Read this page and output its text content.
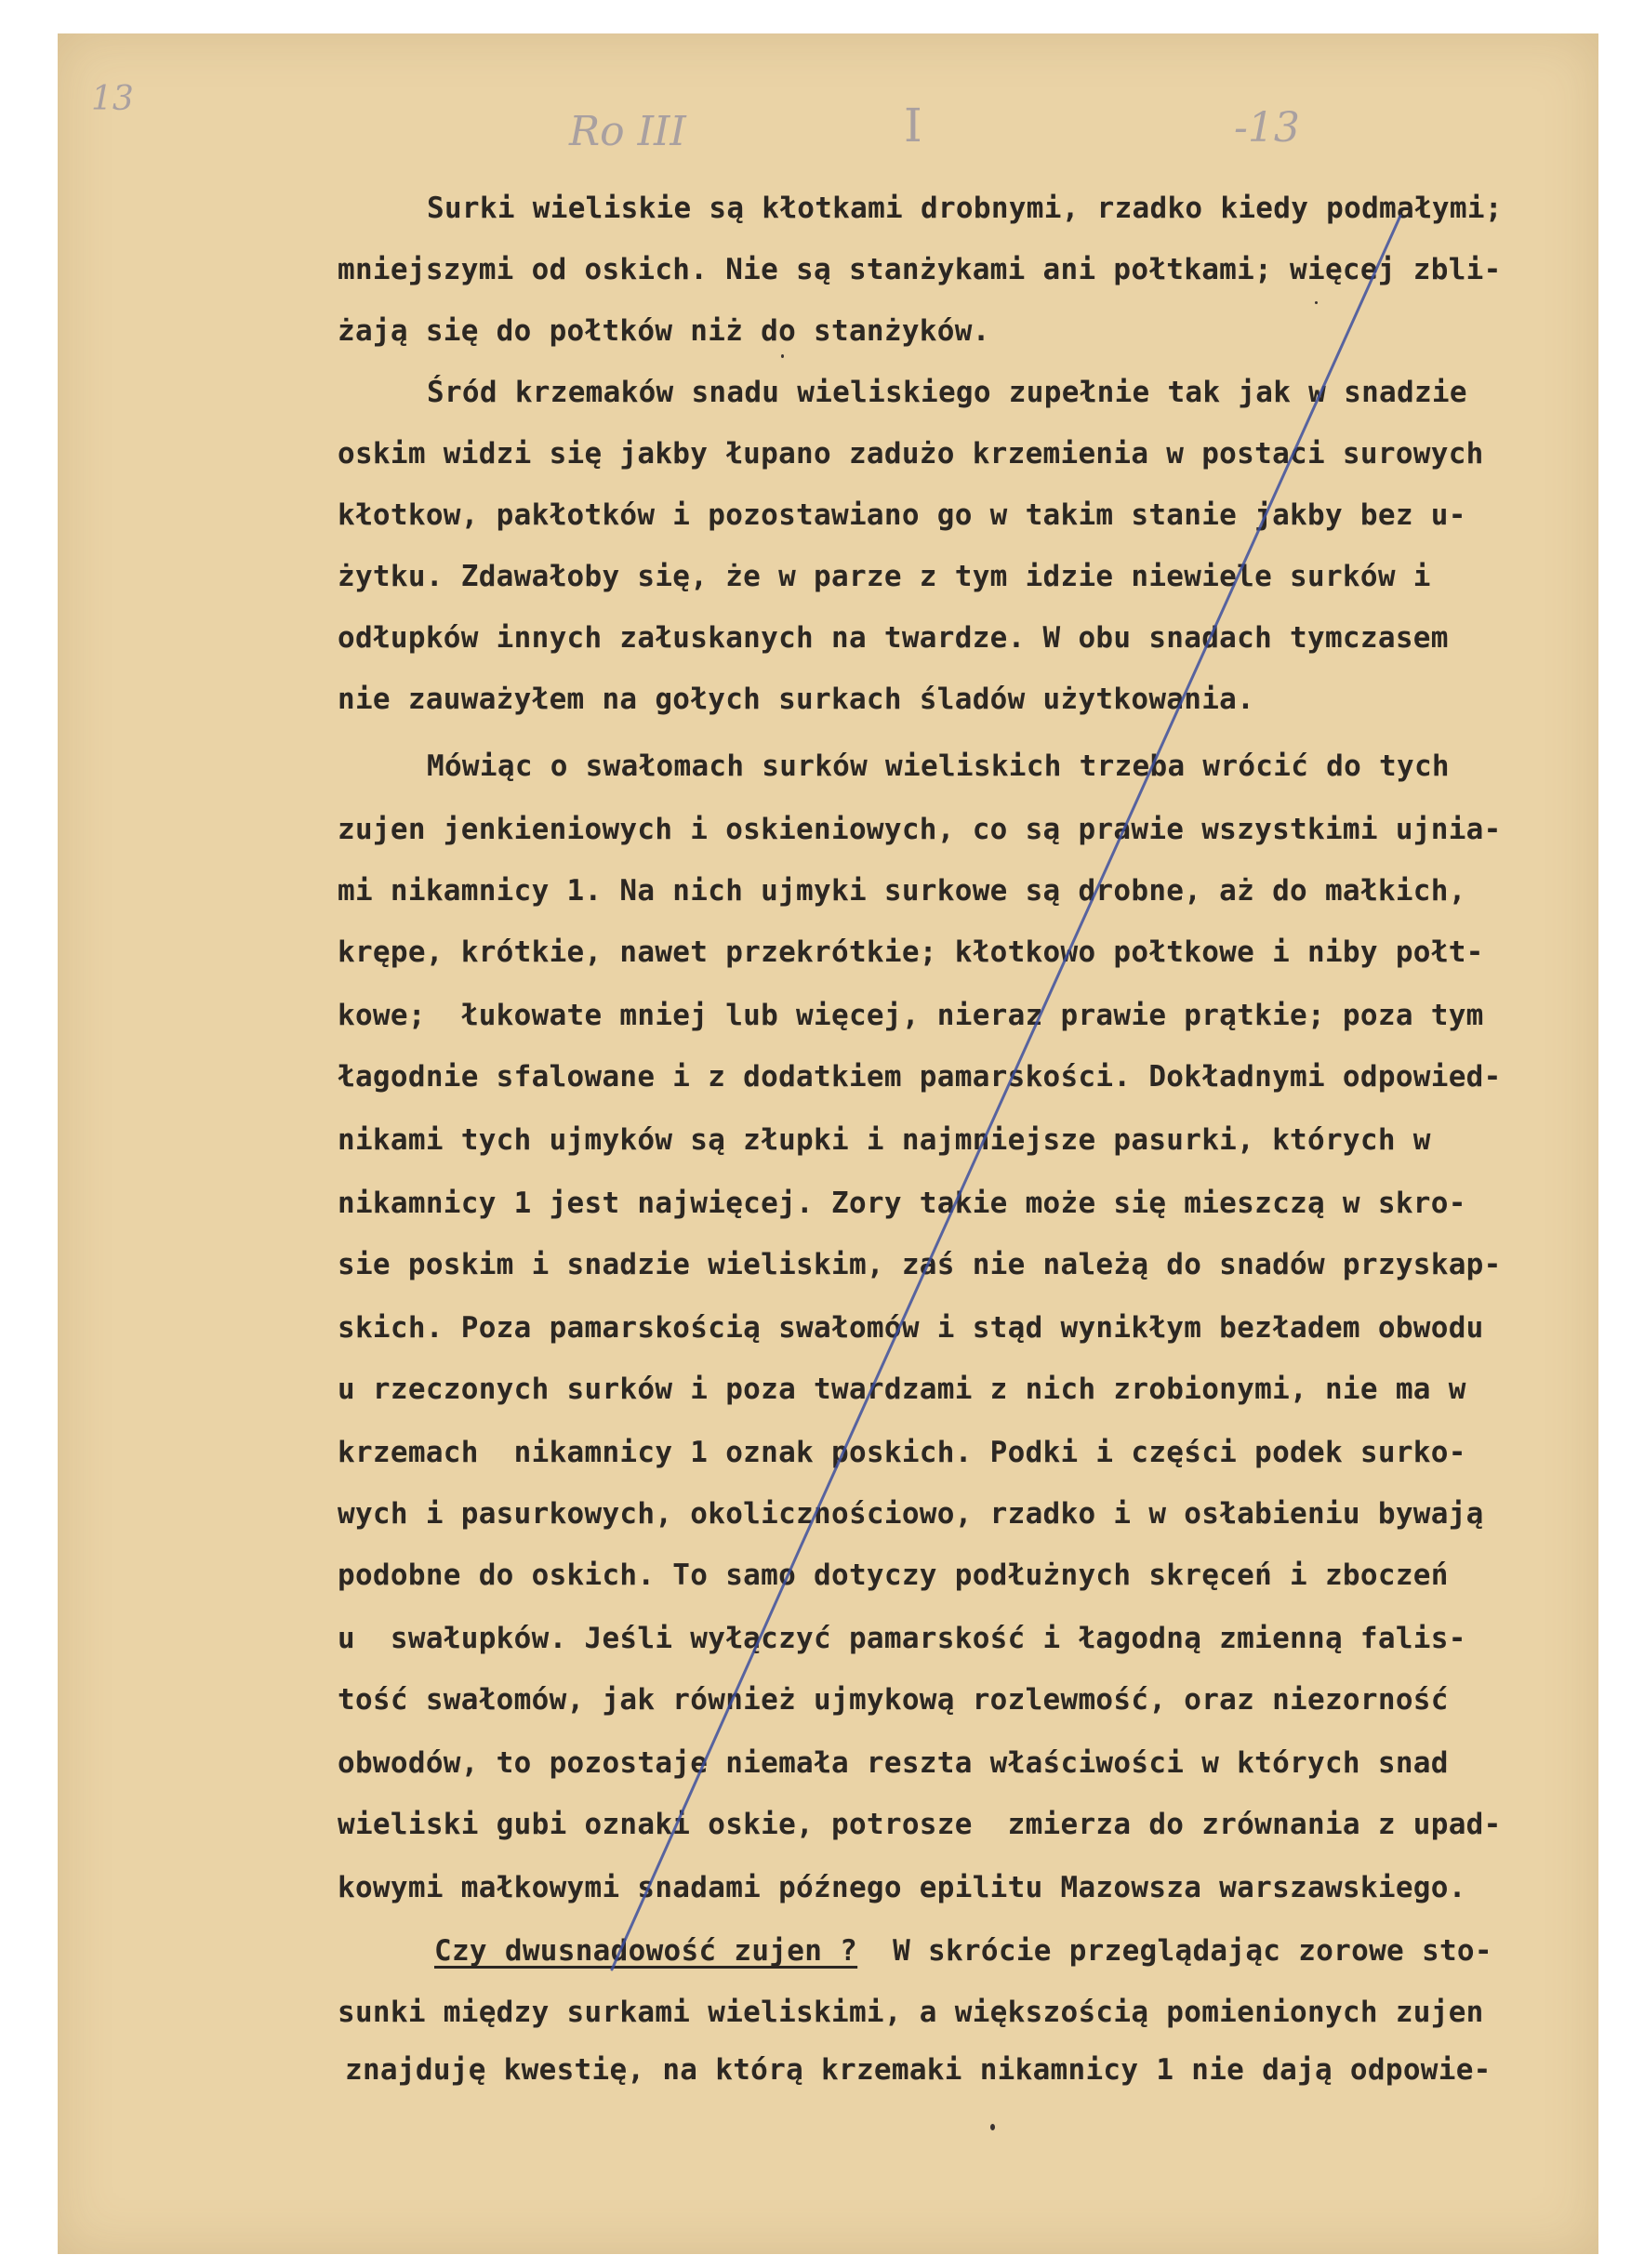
13
Ro III	I	-13
Surki wieliskie są kłotkami drobnymi, rzadko kiedy podmałymi;
mniejszymi od oskich. Nie są stanżykami ani połtkami; więcej zbli-
żają się do połtków niż do stanżyków.
Śród krzemaków snadu wieliskiego zupełnie tak jak w snadzie
oskim widzi się jakby łupano zadużo krzemienia w postaci surowych
kłotkow, pakłotków i pozostawiano go w takim stanie jakby bez u-
żytku. Zdawałoby się, że w parze z tym idzie niewiele surków i
odłupków innych załuskanych na twardze. W obu snadach tymczasem
nie zauważyłem na gołych surkach śladów użytkowania.
Mówiąc o swałomach surków wieliskich trzeba wrócić do tych
zujen jenkieniowych i oskieniowych, co są prawie wszystkimi ujnia-
mi nikamnicy 1. Na nich ujmyki surkowe są drobne, aż do małkich,
krępe, krótkie, nawet przekrótkie; kłotkowo połtkowe i niby połt-
kowe;  łukowate mniej lub więcej, nieraz prawie prątkie; poza tym
łagodnie sfalowane i z dodatkiem pamarskości. Dokładnymi odpowied-
nikami tych ujmyków są złupki i najmniejsze pasurki, których w
nikamnicy 1 jest najwięcej. Zory takie może się mieszczą w skro-
sie poskim i snadzie wieliskim, zaś nie należą do snadów przyskap-
skich. Poza pamarskością swałomów i stąd wynikłym bezładem obwodu
u rzeczonych surków i poza twardzami z nich zrobionymi, nie ma w
krzemach  nikamnicy 1 oznak poskich. Podki i części podek surko-
wych i pasurkowych, okolicznościowo, rzadko i w osłabieniu bywają
podobne do oskich. To samo dotyczy podłużnych skręceń i zboczeń
u  swałupków. Jeśli wyłączyć pamarskość i łagodną zmienną falis-
tość swałomów, jak również ujmykową rozlewmość, oraz niezorność
obwodów, to pozostaje niemała reszta właściwości w których snad
wieliski gubi oznaki oskie, potrosze  zmierza do zrównania z upad-
kowymi małkowymi snadami późnego epilitu Mazowsza warszawskiego.
Czy dwusnadowość zujen ?  W skrócie przeglądając zorowe sto-
sunki między surkami wieliskimi, a większością pomienionych zujen
znajduję kwestię, na którą krzemaki nikamnicy 1 nie dają odpowie-
